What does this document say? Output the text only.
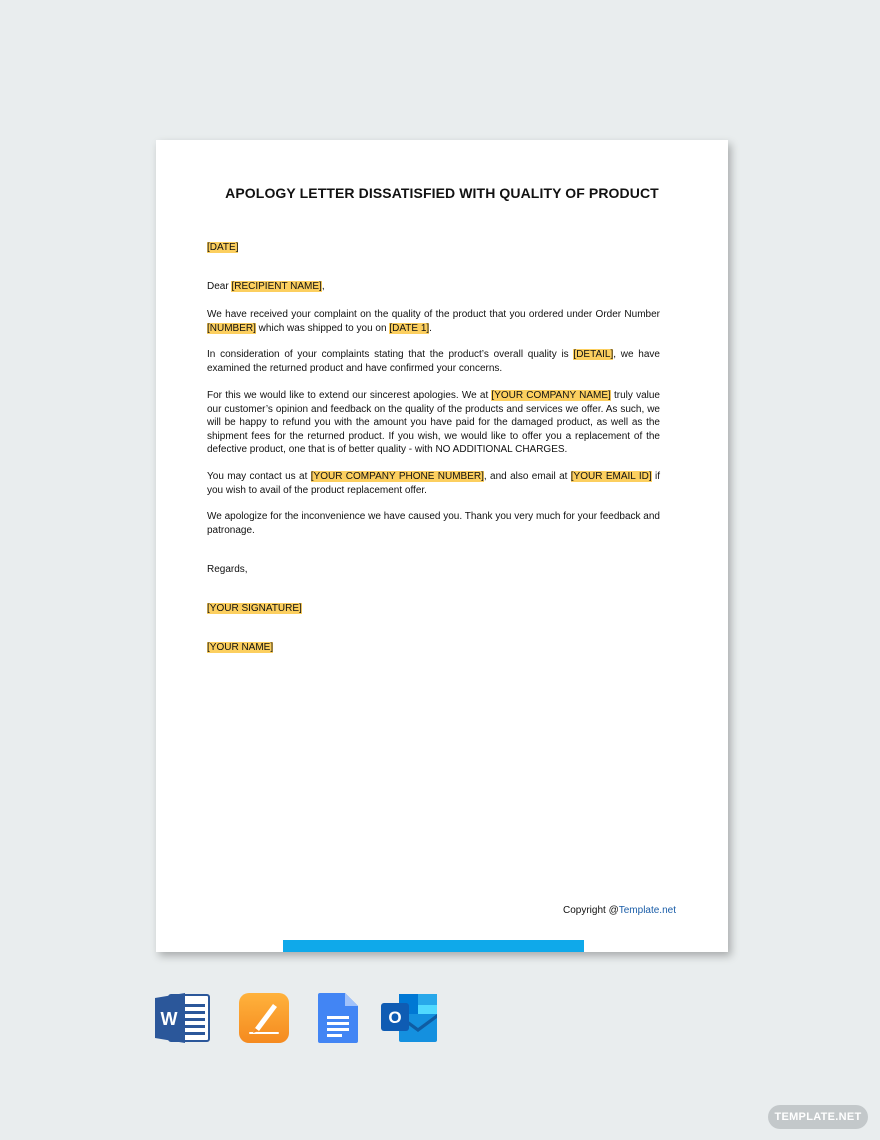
APOLOGY LETTER DISSATISFIED WITH QUALITY OF PRODUCT

[DATE]

Dear [RECIPIENT NAME],

We have received your complaint on the quality of the product that you ordered under Order Number [NUMBER] which was shipped to you on [DATE 1].

In consideration of your complaints stating that the product’s overall quality is [DETAIL], we have examined the returned product and have confirmed your concerns.

For this we would like to extend our sincerest apologies. We at [YOUR COMPANY NAME] truly value our customer’s opinion and feedback on the quality of the products and services we offer. As such, we will be happy to refund you with the amount you have paid for the damaged product, as well as the shipment fees for the returned product. If you wish, we would like to offer you a replacement of the defective product, one that is of better quality - with NO ADDITIONAL CHARGES.

You may contact us at [YOUR COMPANY PHONE NUMBER], and also email at [YOUR EMAIL ID] if you wish to avail of the product replacement offer.

We apologize for the inconvenience we have caused you. Thank you very much for your feedback and patronage.

Regards,

[YOUR SIGNATURE]

[YOUR NAME]

Copyright @Template.net
W	O
TEMPLATE.NET
